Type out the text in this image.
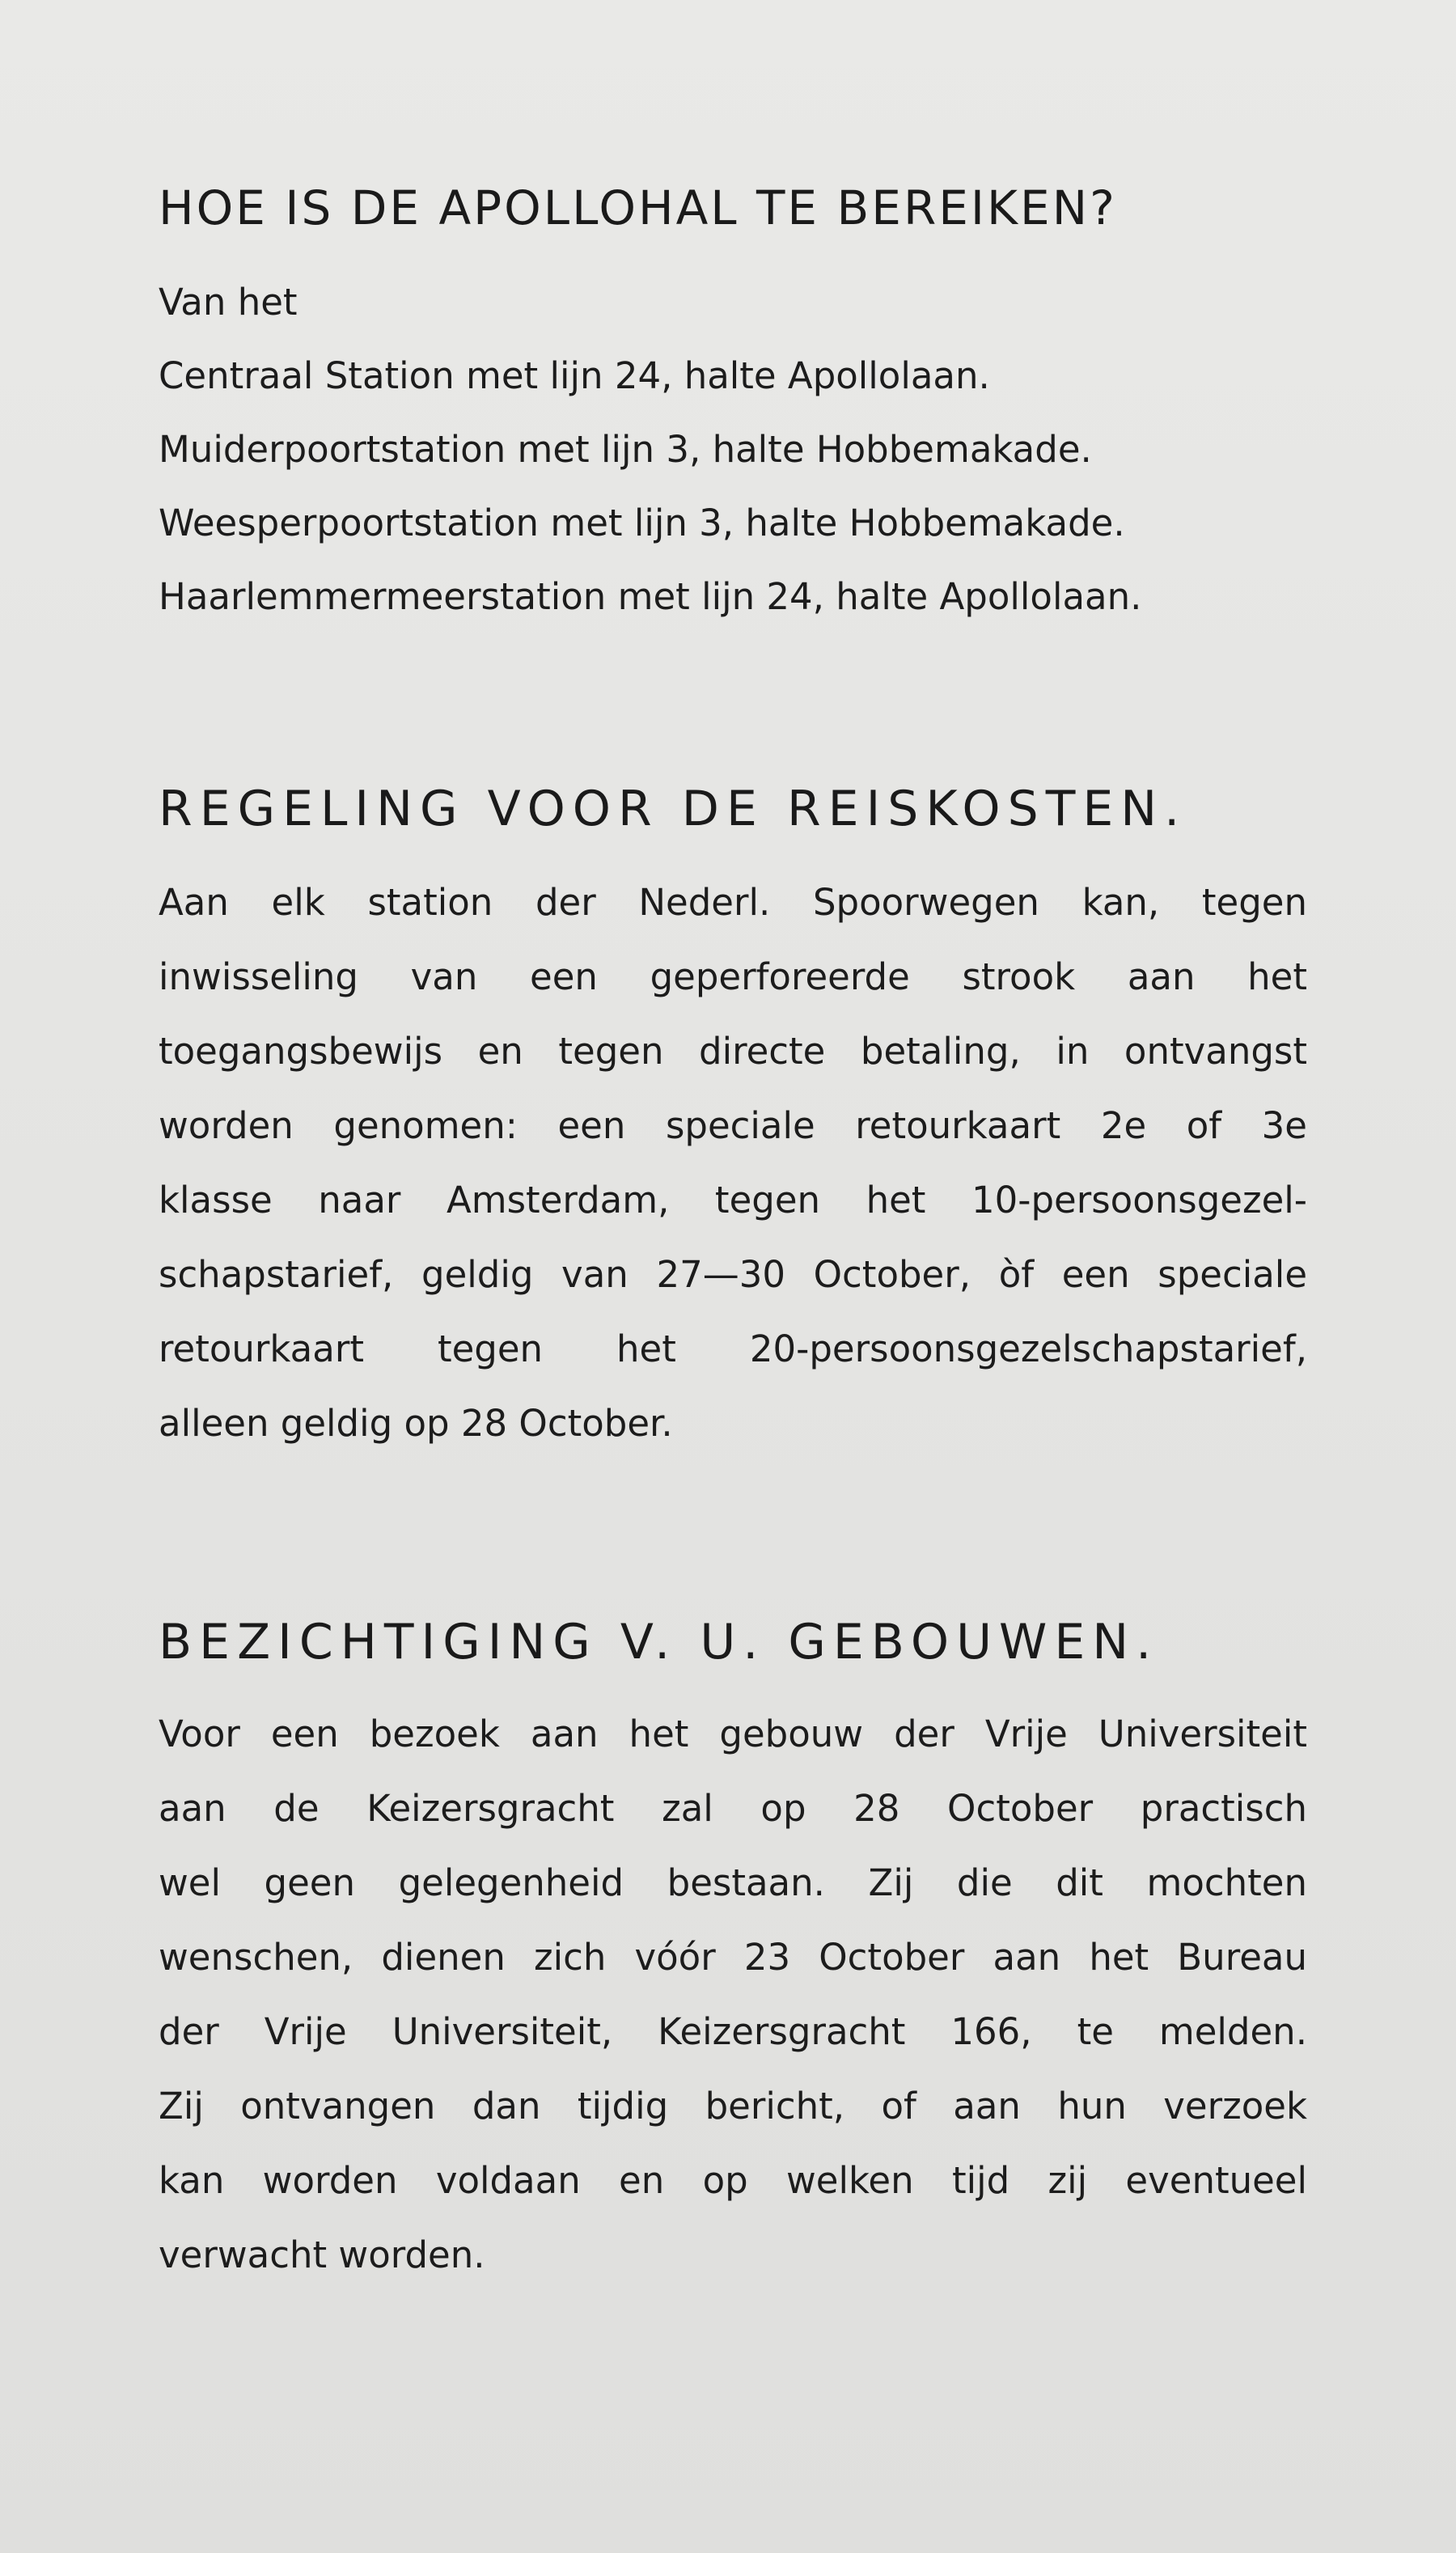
HOE IS DE APOLLOHAL TE BEREIKEN?
Van het
Centraal Station met lijn 24, halte Apollolaan.
Muiderpoortstation met lijn 3, halte Hobbemakade.
Weesperpoortstation met lijn 3, halte Hobbemakade.
Haarlemmermeerstation met lijn 24, halte Apollolaan.
REGELING VOOR DE REISKOSTEN.

Aan elk station der Nederl. Spoorwegen kan, tegen
inwisseling van een geperforeerde strook aan het
toegangsbewijs en tegen directe betaling, in ontvangst
worden genomen: een speciale retourkaart 2e of 3e
klasse naar Amsterdam, tegen het 10-persoonsgezel-
schapstarief, geldig van 27—30 October, òf een speciale
retourkaart tegen het 20-persoonsgezelschapstarief,
alleen geldig op 28 October.

BEZICHTIGING V. U. GEBOUWEN.

Voor een bezoek aan het gebouw der Vrije Universiteit
aan de Keizersgracht zal op 28 October practisch
wel geen gelegenheid bestaan. Zij die dit mochten
wenschen, dienen zich vóór 23 October aan het Bureau
der Vrije Universiteit, Keizersgracht 166, te melden.
Zij ontvangen dan tijdig bericht, of aan hun verzoek
kan worden voldaan en op welken tijd zij eventueel
verwacht worden.
